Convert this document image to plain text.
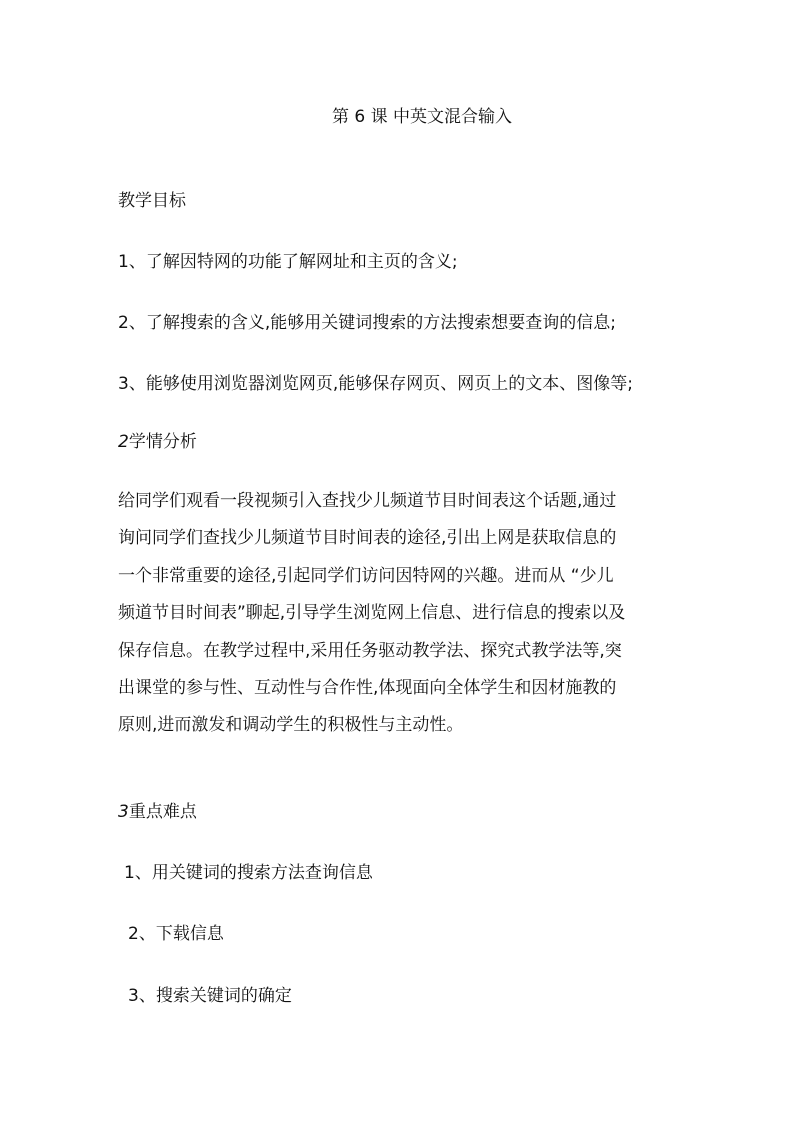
第 6 课 中英文混合输入
教学目标
1、了解因特网的功能了解网址和主页的含义;
2、了解搜索的含义,能够用关键词搜索的方法搜索想要查询的信息;
3、能够使用浏览器浏览网页,能够保存网页、网页上的文本、图像等;
2学情分析
给同学们观看一段视频引入查找少儿频道节目时间表这个话题,通过
询问同学们查找少儿频道节目时间表的途径,引出上网是获取信息的
一个非常重要的途径,引起同学们访问因特网的兴趣。进而从 “少儿
频道节目时间表”聊起,引导学生浏览网上信息、进行信息的搜索以及
保存信息。在教学过程中,采用任务驱动教学法、探究式教学法等,突
出课堂的参与性、互动性与合作性,体现面向全体学生和因材施教的
原则,进而激发和调动学生的积极性与主动性。
3重点难点
1、用关键词的搜索方法查询信息
2、下载信息
3、搜索关键词的确定
